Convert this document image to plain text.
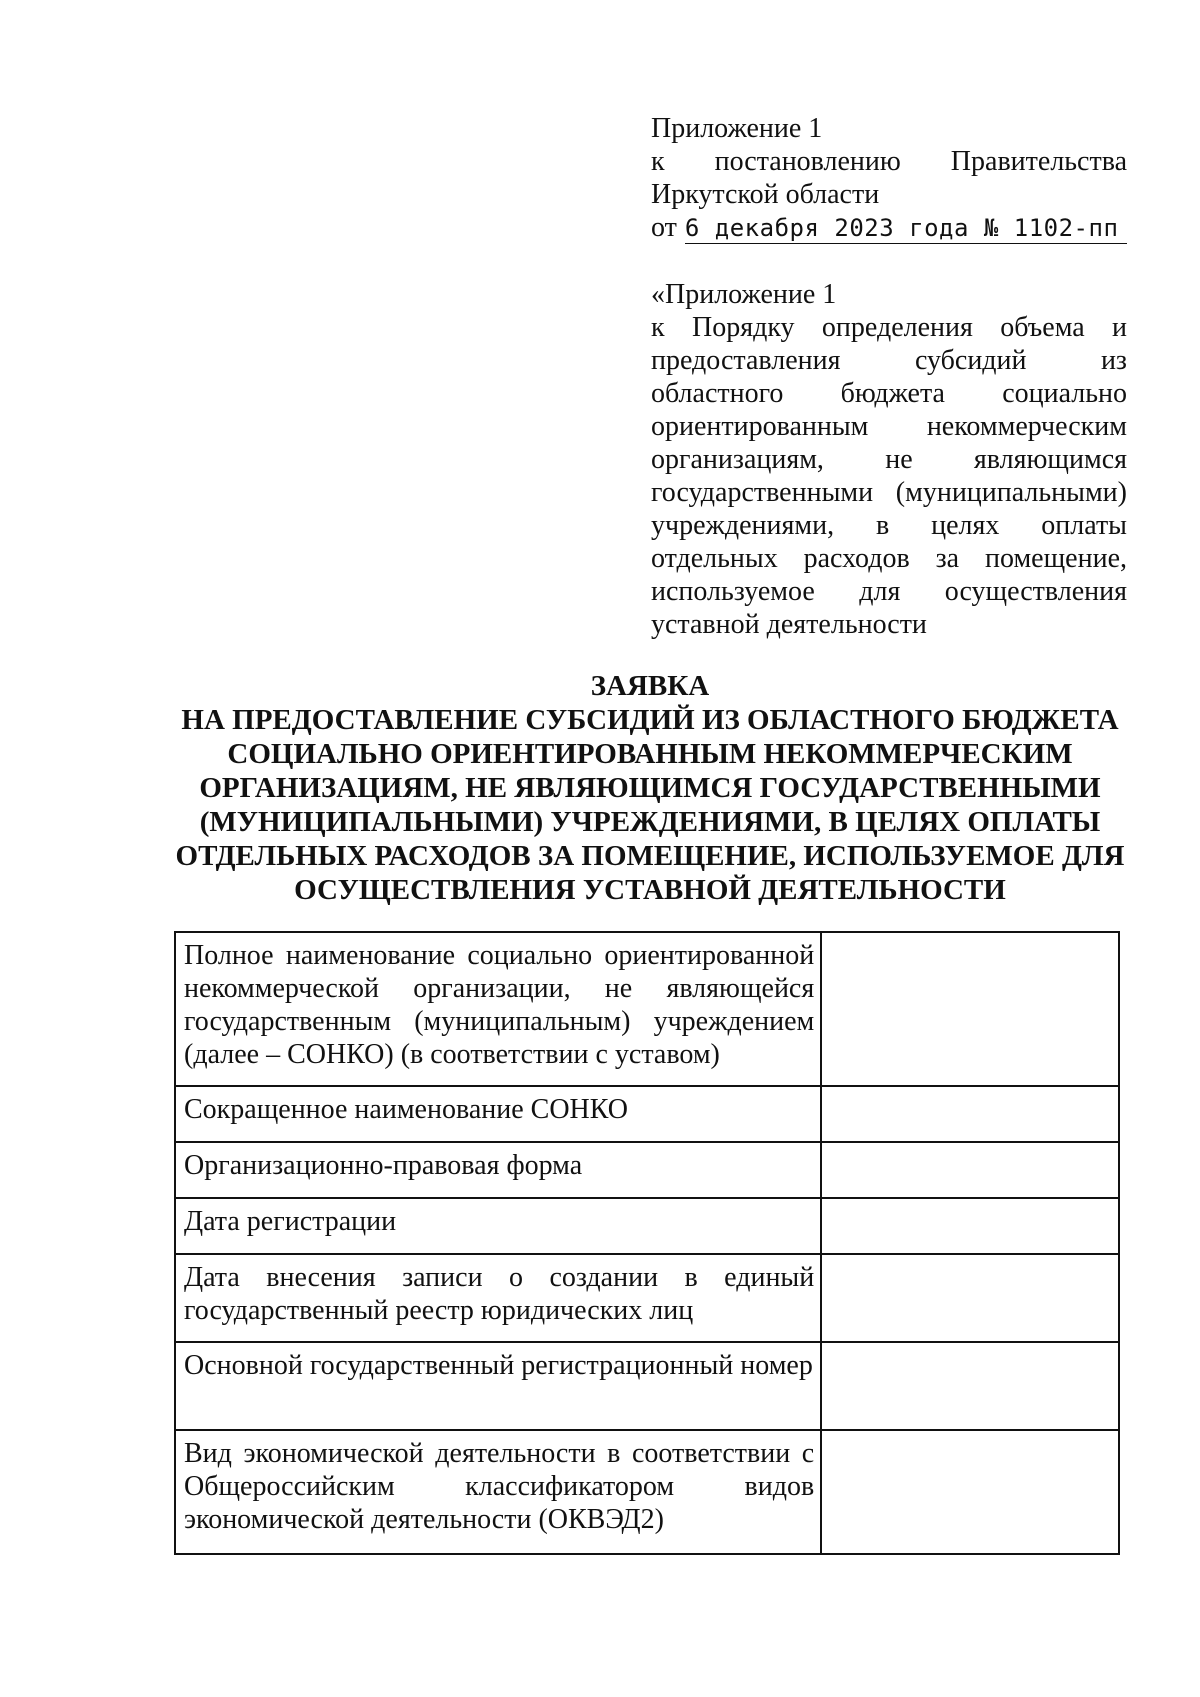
Приложение 1
к постановлению Правительства
Иркутской области
от 6 декабря 2023 года № 1102-пп
«Приложение 1
к Порядку определения объема и
предоставления субсидий из
областного бюджета социально
ориентированным некоммерческим
организациям, не являющимся
государственными (муниципальными)
учреждениями, в целях оплаты
отдельных расходов за помещение,
используемое для осуществления
уставной деятельности
ЗАЯВКА
НА ПРЕДОСТАВЛЕНИЕ СУБСИДИЙ ИЗ ОБЛАСТНОГО БЮДЖЕТА
СОЦИАЛЬНО ОРИЕНТИРОВАННЫМ НЕКОММЕРЧЕСКИМ
ОРГАНИЗАЦИЯМ, НЕ ЯВЛЯЮЩИМСЯ ГОСУДАРСТВЕННЫМИ
(МУНИЦИПАЛЬНЫМИ) УЧРЕЖДЕНИЯМИ, В ЦЕЛЯХ ОПЛАТЫ
ОТДЕЛЬНЫХ РАСХОДОВ ЗА ПОМЕЩЕНИЕ, ИСПОЛЬЗУЕМОЕ ДЛЯ
ОСУЩЕСТВЛЕНИЯ УСТАВНОЙ ДЕЯТЕЛЬНОСТИ
Полное наименование социально ориентированной некоммерческой организации, не являющейся государственным (муниципальным) учреждением (далее – СОНКО) (в соответствии с уставом)	
Сокращенное наименование СОНКО	
Организационно-правовая форма	
Дата регистрации	
Дата внесения записи о создании в единый государственный реестр юридических лиц	
Основной государственный регистрационный номер	
Вид экономической деятельности в соответствии с Общероссийским классификатором видов экономической деятельности (ОКВЭД2)	
